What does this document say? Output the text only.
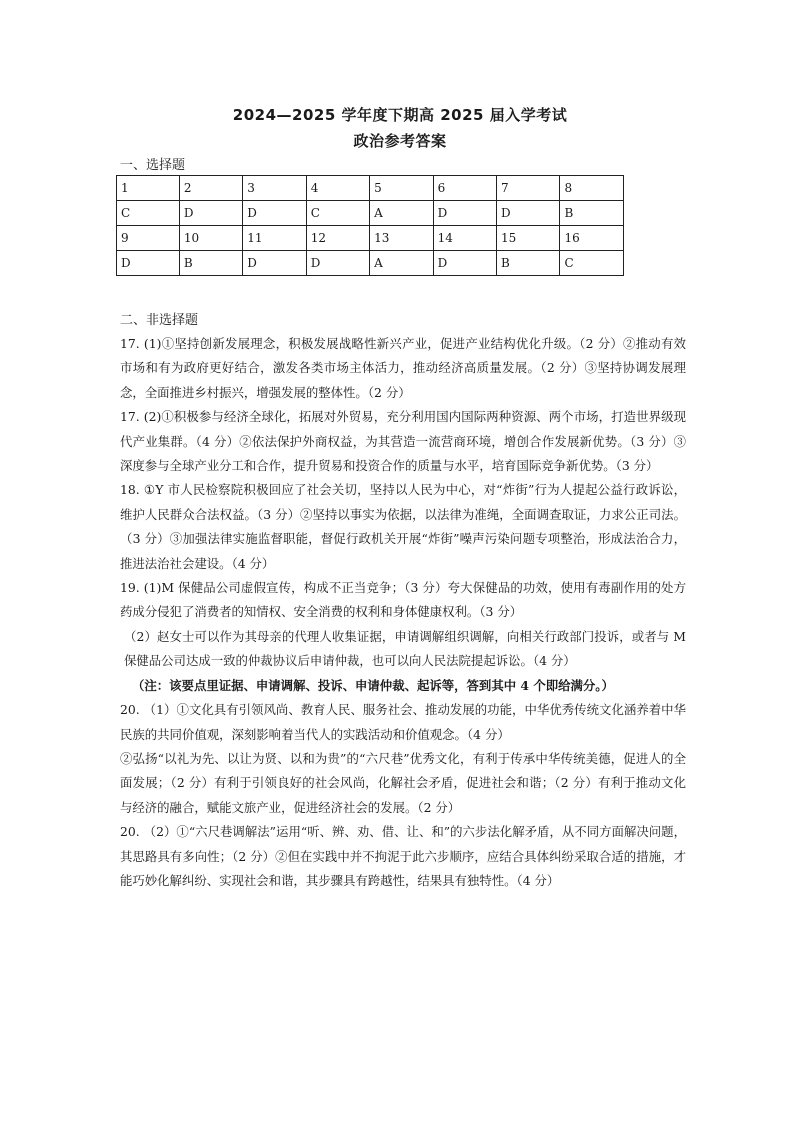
2024—2025 学年度下期高 2025 届入学考试
政治参考答案
一、选择题
1	2	3	4	5	6	7	8
C	D	D	C	A	D	D	B
9	10	11	12	13	14	15	16
D	B	D	D	A	D	B	C
二、非选择题

17. (1)①坚持创新发展理念，积极发展战略性新兴产业，促进产业结构优化升级。（2 分）②推动有效市场和有为政府更好结合，激发各类市场主体活力，推动经济高质量发展。（2 分）③坚持协调发展理念，全面推进乡村振兴，增强发展的整体性。（2 分）

17. (2)①积极参与经济全球化，拓展对外贸易，充分利用国内国际两种资源、两个市场，打造世界级现代产业集群。（4 分）②依法保护外商权益，为其营造一流营商环境，增创合作发展新优势。（3 分）③深度参与全球产业分工和合作，提升贸易和投资合作的质量与水平，培育国际竞争新优势。（3 分）

18. ①Y 市人民检察院积极回应了社会关切，坚持以人民为中心，对“炸街”行为人提起公益行政诉讼，维护人民群众合法权益。（3 分）②坚持以事实为依据，以法律为准绳，全面调查取证，力求公正司法。（3 分）③加强法律实施监督职能，督促行政机关开展“炸街”噪声污染问题专项整治，形成法治合力，推进法治社会建设。（4 分）

19. (1)M 保健品公司虚假宣传，构成不正当竞争；（3 分）夸大保健品的功效，使用有毒副作用的处方药成分侵犯了消费者的知情权、安全消费的权利和身体健康权利。（3 分）

（2）赵女士可以作为其母亲的代理人收集证据，申请调解组织调解，向相关行政部门投诉，或者与 M 保健品公司达成一致的仲裁协议后申请仲裁，也可以向人民法院提起诉讼。（4 分）

（注：该要点里证据、申请调解、投诉、申请仲裁、起诉等，答到其中 4 个即给满分。）

20. （1）①文化具有引领风尚、教育人民、服务社会、推动发展的功能，中华优秀传统文化涵养着中华民族的共同价值观，深刻影响着当代人的实践活动和价值观念。（4 分）

②弘扬“以礼为先、以让为贤、以和为贵”的“六尺巷”优秀文化，有利于传承中华传统美德，促进人的全面发展；（2 分）有利于引领良好的社会风尚，化解社会矛盾，促进社会和谐；（2 分）有利于推动文化与经济的融合，赋能文旅产业，促进经济社会的发展。（2 分）

20. （2）①“六尺巷调解法”运用“听、辨、劝、借、让、和”的六步法化解矛盾，从不同方面解决问题，其思路具有多向性；（2 分）②但在实践中并不拘泥于此六步顺序，应结合具体纠纷采取合适的措施，才能巧妙化解纠纷、实现社会和谐，其步骤具有跨越性，结果具有独特性。（4 分）
